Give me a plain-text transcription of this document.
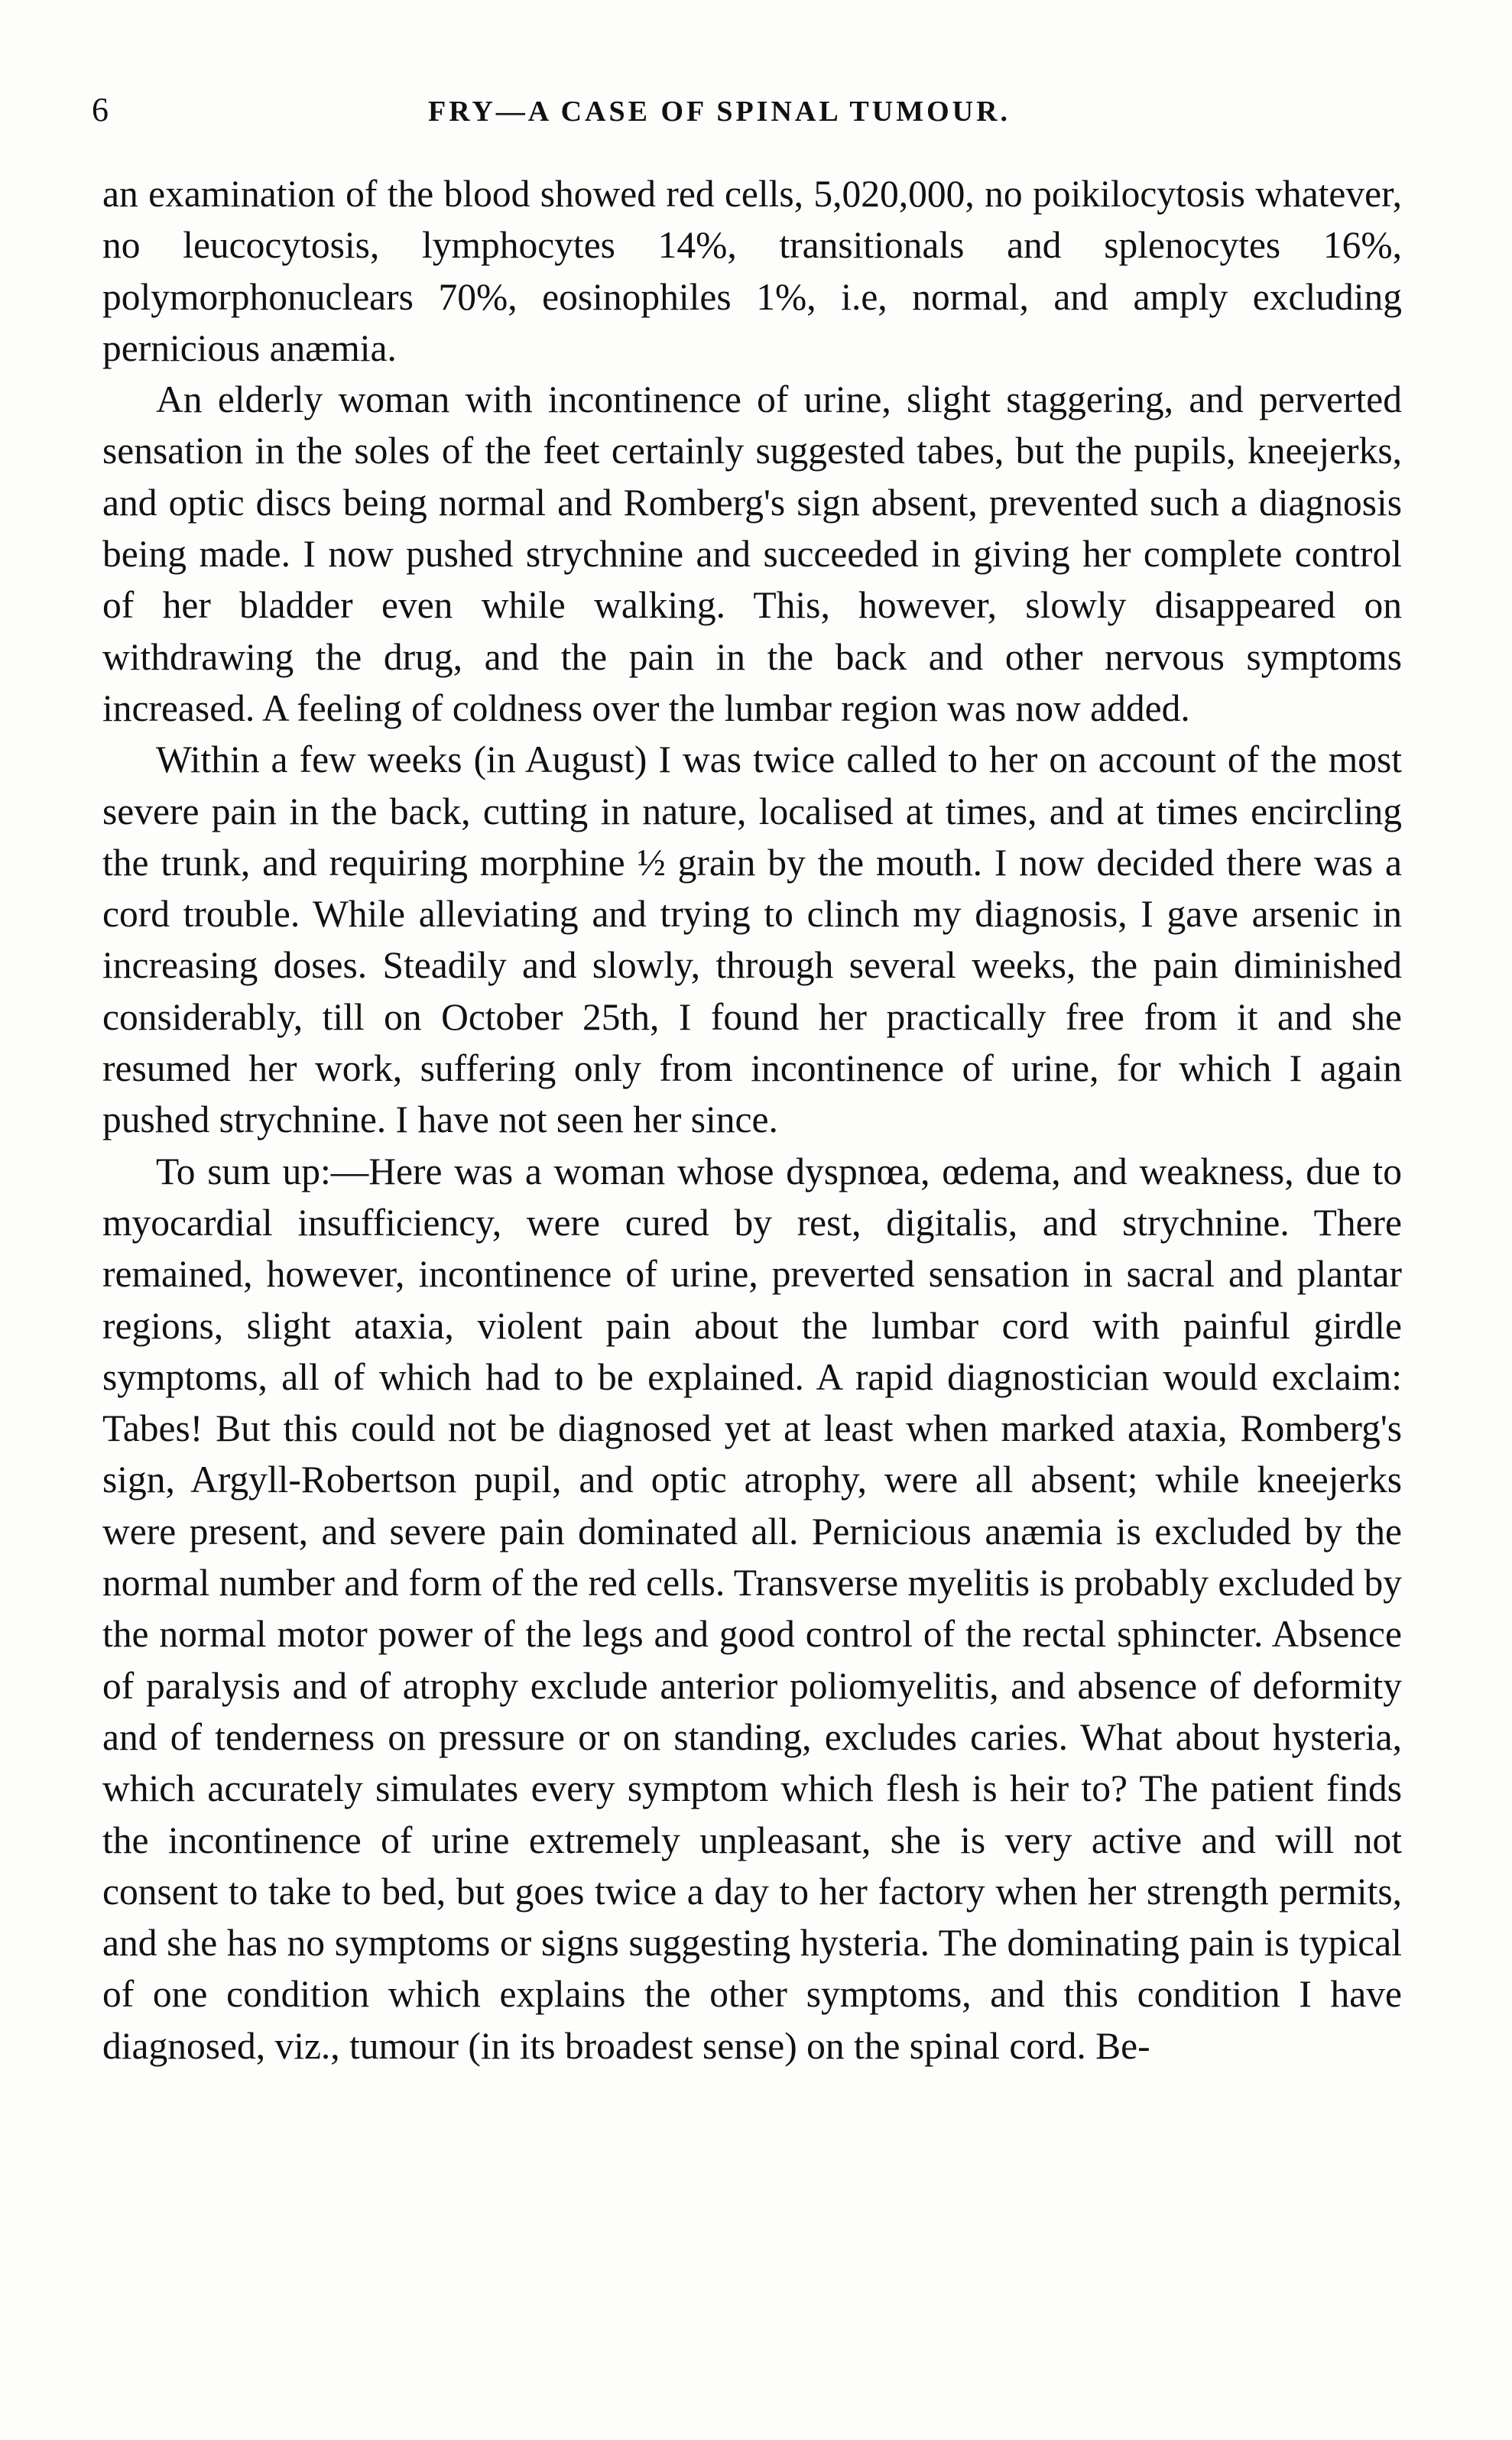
6	FRY—A CASE OF SPINAL TUMOUR.

an examination of the blood showed red cells, 5,020,000, no poikilocytosis whatever, no leucocytosis, lymphocytes 14%, transitionals and splenocytes 16%, polymorphonuclears 70%, eosinophiles 1%, i.e, normal, and amply excluding pernicious anæmia.

An elderly woman with incontinence of urine, slight staggering, and perverted sensation in the soles of the feet certainly suggested tabes, but the pupils, kneejerks, and optic discs being normal and Romberg's sign absent, prevented such a diagnosis being made. I now pushed strychnine and succeeded in giving her complete control of her bladder even while walking. This, however, slowly disappeared on withdrawing the drug, and the pain in the back and other nervous symptoms increased. A feeling of coldness over the lumbar region was now added.

Within a few weeks (in August) I was twice called to her on account of the most severe pain in the back, cutting in nature, localised at times, and at times encircling the trunk, and requiring morphine ½ grain by the mouth. I now decided there was a cord trouble. While alleviating and trying to clinch my diagnosis, I gave arsenic in increasing doses. Steadily and slowly, through several weeks, the pain diminished considerably, till on October 25th, I found her practically free from it and she resumed her work, suffering only from incontinence of urine, for which I again pushed strychnine. I have not seen her since.

To sum up:—Here was a woman whose dyspnœa, œdema, and weakness, due to myocardial insufficiency, were cured by rest, digitalis, and strychnine. There remained, however, incontinence of urine, preverted sensation in sacral and plantar regions, slight ataxia, violent pain about the lumbar cord with painful girdle symptoms, all of which had to be explained. A rapid diagnostician would exclaim: Tabes! But this could not be diagnosed yet at least when marked ataxia, Romberg's sign, Argyll-Robertson pupil, and optic atrophy, were all absent; while kneejerks were present, and severe pain dominated all. Pernicious anæmia is excluded by the normal number and form of the red cells. Transverse myelitis is probably excluded by the normal motor power of the legs and good control of the rectal sphincter. Absence of paralysis and of atrophy exclude anterior poliomyelitis, and absence of deformity and of tenderness on pressure or on standing, excludes caries. What about hysteria, which accurately simulates every symptom which flesh is heir to? The patient finds the incontinence of urine extremely unpleasant, she is very active and will not consent to take to bed, but goes twice a day to her factory when her strength permits, and she has no symptoms or signs suggesting hysteria. The dominating pain is typical of one condition which explains the other symptoms, and this condition I have diagnosed, viz., tumour (in its broadest sense) on the spinal cord. Be-
